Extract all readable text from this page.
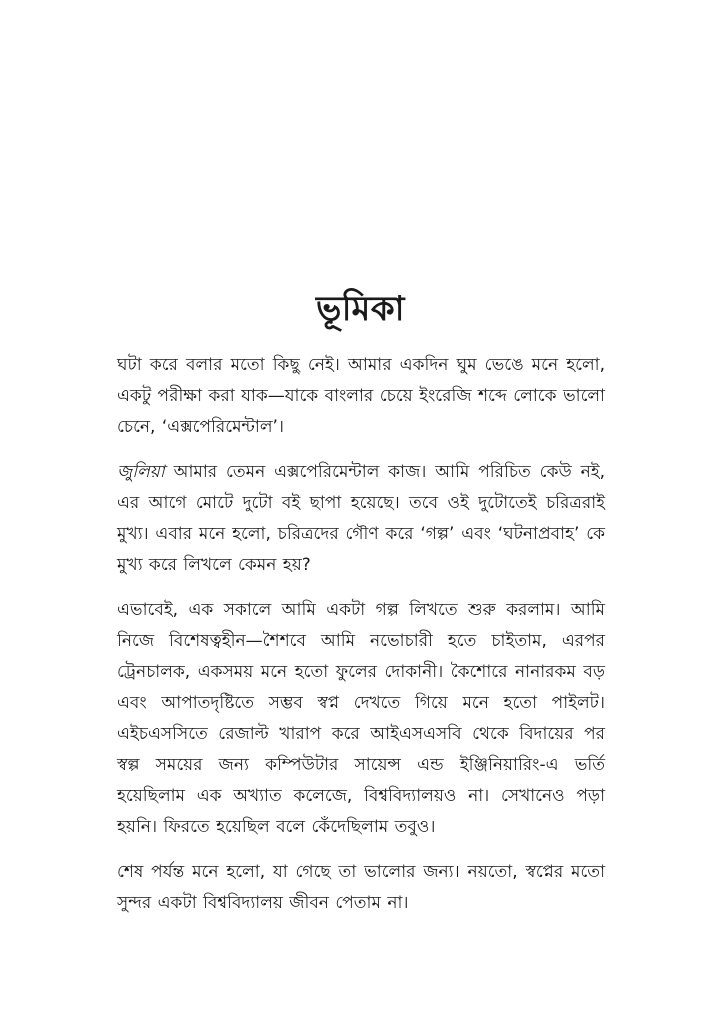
ভূমিকা

ঘটা করে বলার মতো কিছু নেই। আমার একদিন ঘুম ভেঙে মনে হলো, একটু পরীক্ষা করা যাক—যাকে বাংলার চেয়ে ইংরেজি শব্দে লোকে ভালো চেনে, ‘এক্সপেরিমেন্টাল’।

জুলিয়া আমার তেমন এক্সপেরিমেন্টাল কাজ। আমি পরিচিত কেউ নই, এর আগে মোটে দুটো বই ছাপা হয়েছে। তবে ওই দুটোতেই চরিত্ররাই মুখ্য। এবার মনে হলো, চরিত্রদের গৌণ করে ‘গল্প’ এবং ‘ঘটনাপ্রবাহ’ কে মুখ্য করে লিখলে কেমন হয়?

এভাবেই, এক সকালে আমি একটা গল্প লিখতে শুরু করলাম। আমি নিজে বিশেষত্বহীন—শৈশবে আমি নভোচারী হতে চাইতাম, এরপর ট্রেনচালক, একসময় মনে হতো ফুলের দোকানী। কৈশোরে নানারকম বড় এবং আপাতদৃষ্টিতে সম্ভব স্বপ্ন দেখতে গিয়ে মনে হতো পাইলট। এইচএসসিতে রেজাল্ট খারাপ করে আইএসএসবি থেকে বিদায়ের পর স্বল্প সময়ের জন্য কম্পিউটার সায়েন্স এন্ড ইঞ্জিনিয়ারিং-এ ভর্তি হয়েছিলাম এক অখ্যাত কলেজে, বিশ্ববিদ্যালয়ও না। সেখানেও পড়া হয়নি। ফিরতে হয়েছিল বলে কেঁদেছিলাম তবুও।

শেষ পর্যন্ত মনে হলো, যা গেছে তা ভালোর জন্য। নয়তো, স্বপ্নের মতো সুন্দর একটা বিশ্ববিদ্যালয় জীবন পেতাম না।
